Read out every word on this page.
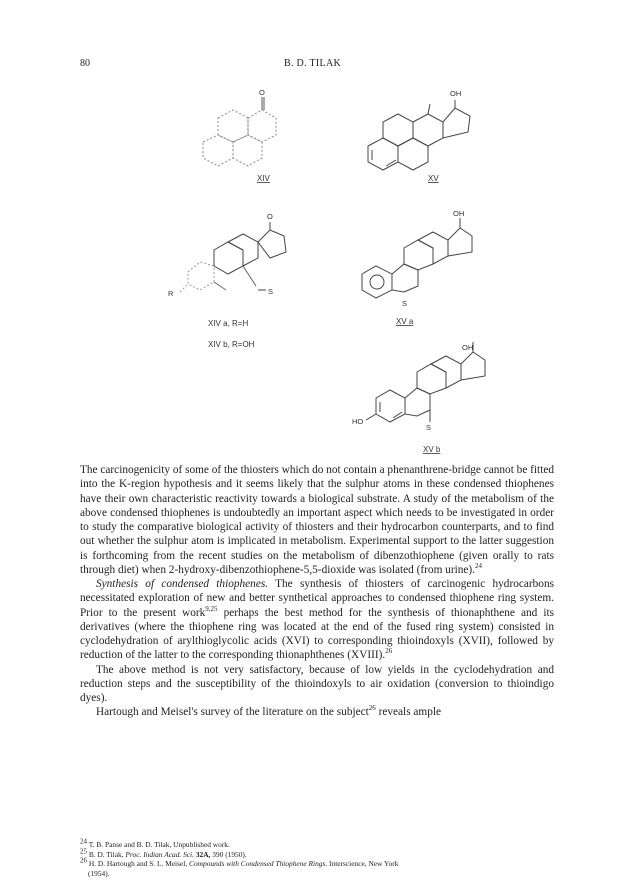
80	B. D. TILAK
O
XIV
OH
XV
O
S
R
XIV a, R=H
XIV b, R=OH
OH
S
XV a
OH
HO
S
XV b

The carcinogenicity of some of the thiosters which do not contain a phenanthrene-bridge cannot be fitted into the K-region hypothesis and it seems likely that the sulphur atoms in these condensed thiophenes have their own characteristic reactivity towards a biological substrate. A study of the metabolism of the above condensed thiophenes is undoubtedly an important aspect which needs to be investigated in order to study the comparative biological activity of thiosters and their hydrocarbon counterparts, and to find out whether the sulphur atom is implicated in metabolism. Experimental support to the latter suggestion is forthcoming from the recent studies on the metabolism of dibenzothiophene (given orally to rats through diet) when 2-hydroxy-dibenzothiophene-5,5-dioxide was isolated (from urine).$^{24}$

Synthesis of condensed thiophenes. The synthesis of thiosters of carcinogenic hydrocarbons necessitated exploration of new and better synthetical approaches to condensed thiophene ring system. Prior to the present work$^{9,25}$ perhaps the best method for the synthesis of thionaphthene and its derivatives (where the thiophene ring was located at the end of the fused ring system) consisted in cyclodehydration of arylthioglycolic acids (XVI) to corresponding thioindoxyls (XVII), followed by reduction of the latter to the corresponding thionaphthenes (XVIII).$^{26}$

The above method is not very satisfactory, because of low yields in the cyclodehydration and reduction steps and the susceptibility of the thioindoxyls to air oxidation (conversion to thioindigo dyes).

Hartough and Meisel's survey of the literature on the subject$^{26}$ reveals ample

$^{24}$ T. B. Panse and B. D. Tilak, Unpublished work.
$^{25}$ B. D. Tilak, Proc. Indian Acad. Sci. 32A, 390 (1950).
$^{26}$ H. D. Hartough and S. L. Meisel, Compounds with Condensed Thiophene Rings. Interscience, New York
(1954).
